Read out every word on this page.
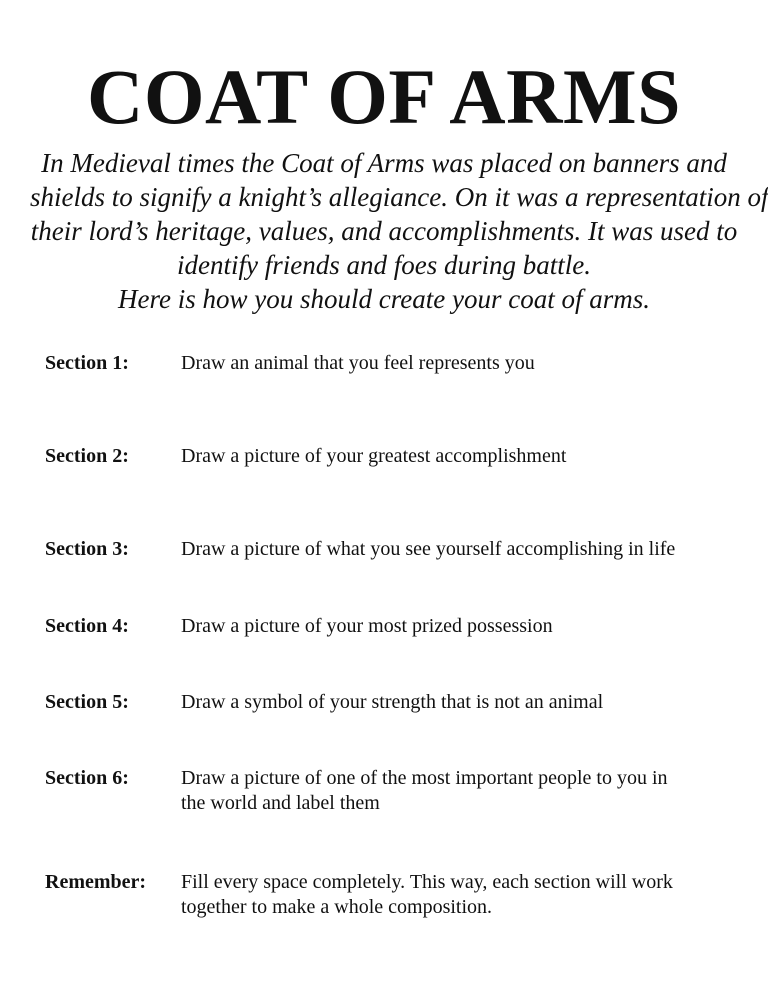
COAT OF ARMS

In Medieval times the Coat of Arms was placed on banners and
shields to signify a knight’s allegiance. On it was a representation of
their lord’s heritage, values, and accomplishments. It was used to
identify friends and foes during battle.
Here is how you should create your coat of arms.

Section 1:	Draw an animal that you feel represents you
Section 2:	Draw a picture of your greatest accomplishment
Section 3:	Draw a picture of what you see yourself accomplishing in life
Section 4:	Draw a picture of your most prized possession
Section 5:	Draw a symbol of your strength that is not an animal
Section 6:	Draw a picture of one of the most important people to you in
the world and label them
Remember: Fill every space completely. This way, each section will work
together to make a whole composition.
